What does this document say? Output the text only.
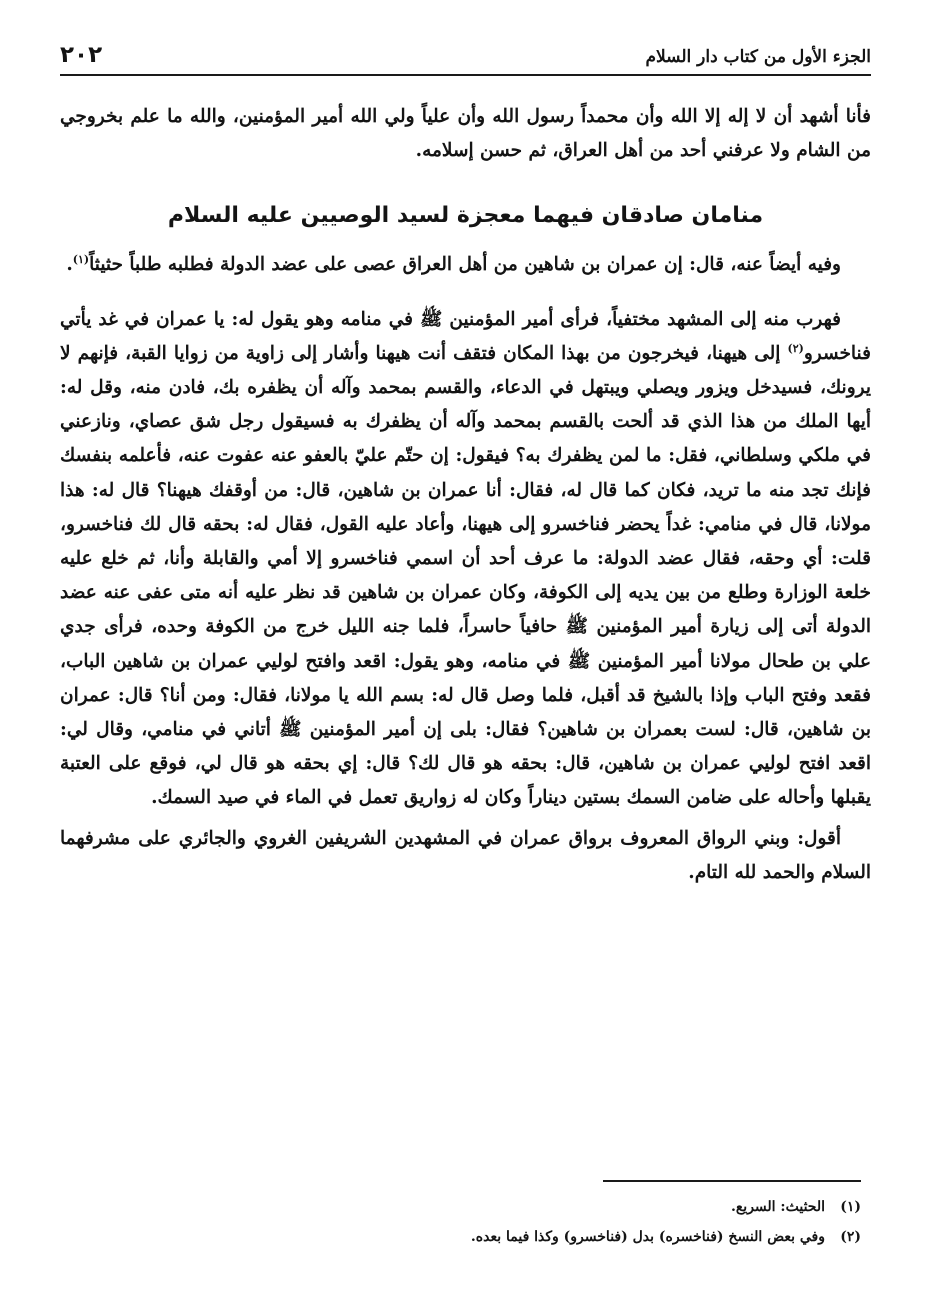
الجزء الأول من كتاب دار السلام
٢٠٢

فأنا أشهد أن لا إله إلا الله وأن محمداً رسول الله وأن علياً ولي الله أمير المؤمنين، والله ما علم بخروجي من الشام ولا عرفني أحد من أهل العراق، ثم حسن إسلامه.

منامان صادقان فيهما معجزة لسيد الوصيين عليه السلام

وفيه أيضاً عنه، قال: إن عمران بن شاهين من أهل العراق عصى على عضد الدولة فطلبه طلباً حثيثاً$^{(١)}$.

فهرب منه إلى المشهد مختفياً، فرأى أمير المؤمنين ﷺ في منامه وهو يقول له: يا عمران في غد يأتي فناخسرو$^{(٢)}$ إلى هيهنا، فيخرجون من بهذا المكان فتقف أنت هيهنا وأشار إلى زاوية من زوايا القبة، فإنهم لا يرونك، فسيدخل ويزور ويصلي ويبتهل في الدعاء، والقسم بمحمد وآله أن يظفره بك، فادن منه، وقل له: أيها الملك من هذا الذي قد ألحت بالقسم بمحمد وآله أن يظفرك به فسيقول رجل شق عصاي، ونازعني في ملكي وسلطاني، فقل: ما لمن يظفرك به؟ فيقول: إن حتّم عليّ بالعفو عنه عفوت عنه، فأعلمه بنفسك فإنك تجد منه ما تريد، فكان كما قال له، فقال: أنا عمران بن شاهين، قال: من أوقفك هيهنا؟ قال له: هذا مولانا، قال في منامي: غداً يحضر فناخسرو إلى هيهنا، وأعاد عليه القول، فقال له: بحقه قال لك فناخسرو، قلت: أي وحقه، فقال عضد الدولة: ما عرف أحد أن اسمي فناخسرو إلا أمي والقابلة وأنا، ثم خلع عليه خلعة الوزارة وطلع من بين يديه إلى الكوفة، وكان عمران بن شاهين قد نظر عليه أنه متى عفى عنه عضد الدولة أتى إلى زيارة أمير المؤمنين ﷺ حافياً حاسراً، فلما جنه الليل خرج من الكوفة وحده، فرأى جدي علي بن طحال مولانا أمير المؤمنين ﷺ في منامه، وهو يقول: اقعد وافتح لوليي عمران بن شاهين الباب، فقعد وفتح الباب وإذا بالشيخ قد أقبل، فلما وصل قال له: بسم الله يا مولانا، فقال: ومن أنا؟ قال: عمران بن شاهين، قال: لست بعمران بن شاهين؟ فقال: بلى إن أمير المؤمنين ﷺ أتاني في منامي، وقال لي: اقعد افتح لوليي عمران بن شاهين، قال: بحقه هو قال لك؟ قال: إي بحقه هو قال لي، فوقع على العتبة يقبلها وأحاله على ضامن السمك بستين ديناراً وكان له زواريق تعمل في الماء في صيد السمك.

أقول: وبني الرواق المعروف برواق عمران في المشهدين الشريفين الغروي والجائري على مشرفهما السلام والحمد لله التام.

(١)
الحثيث: السريع.
(٢)
وفي بعض النسخ (فناخسره) بدل (فناخسرو) وكذا فيما بعده.
